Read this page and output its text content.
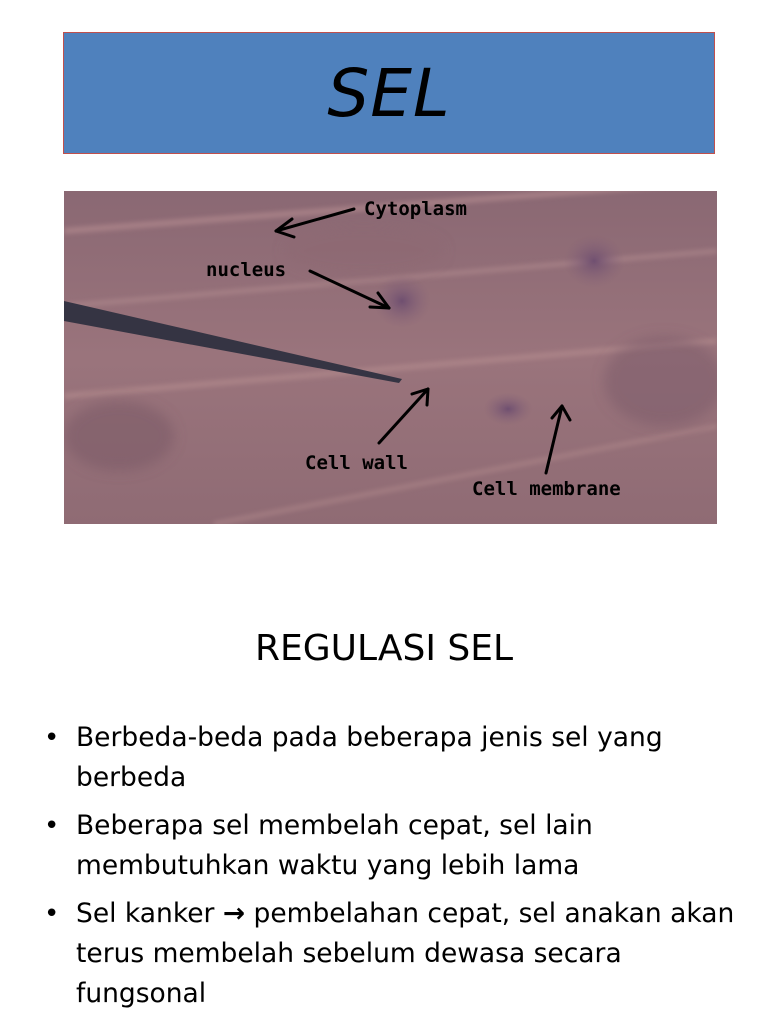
SEL
Cytoplasm
nucleus
Cell wall
Cell membrane
REGULASI SEL
• Berbeda-beda pada beberapa jenis sel yang berbeda
• Beberapa sel membelah cepat, sel lain membutuhkan waktu yang lebih lama
• Sel kanker → pembelahan cepat, sel anakan akan terus membelah sebelum dewasa secara fungsonal
